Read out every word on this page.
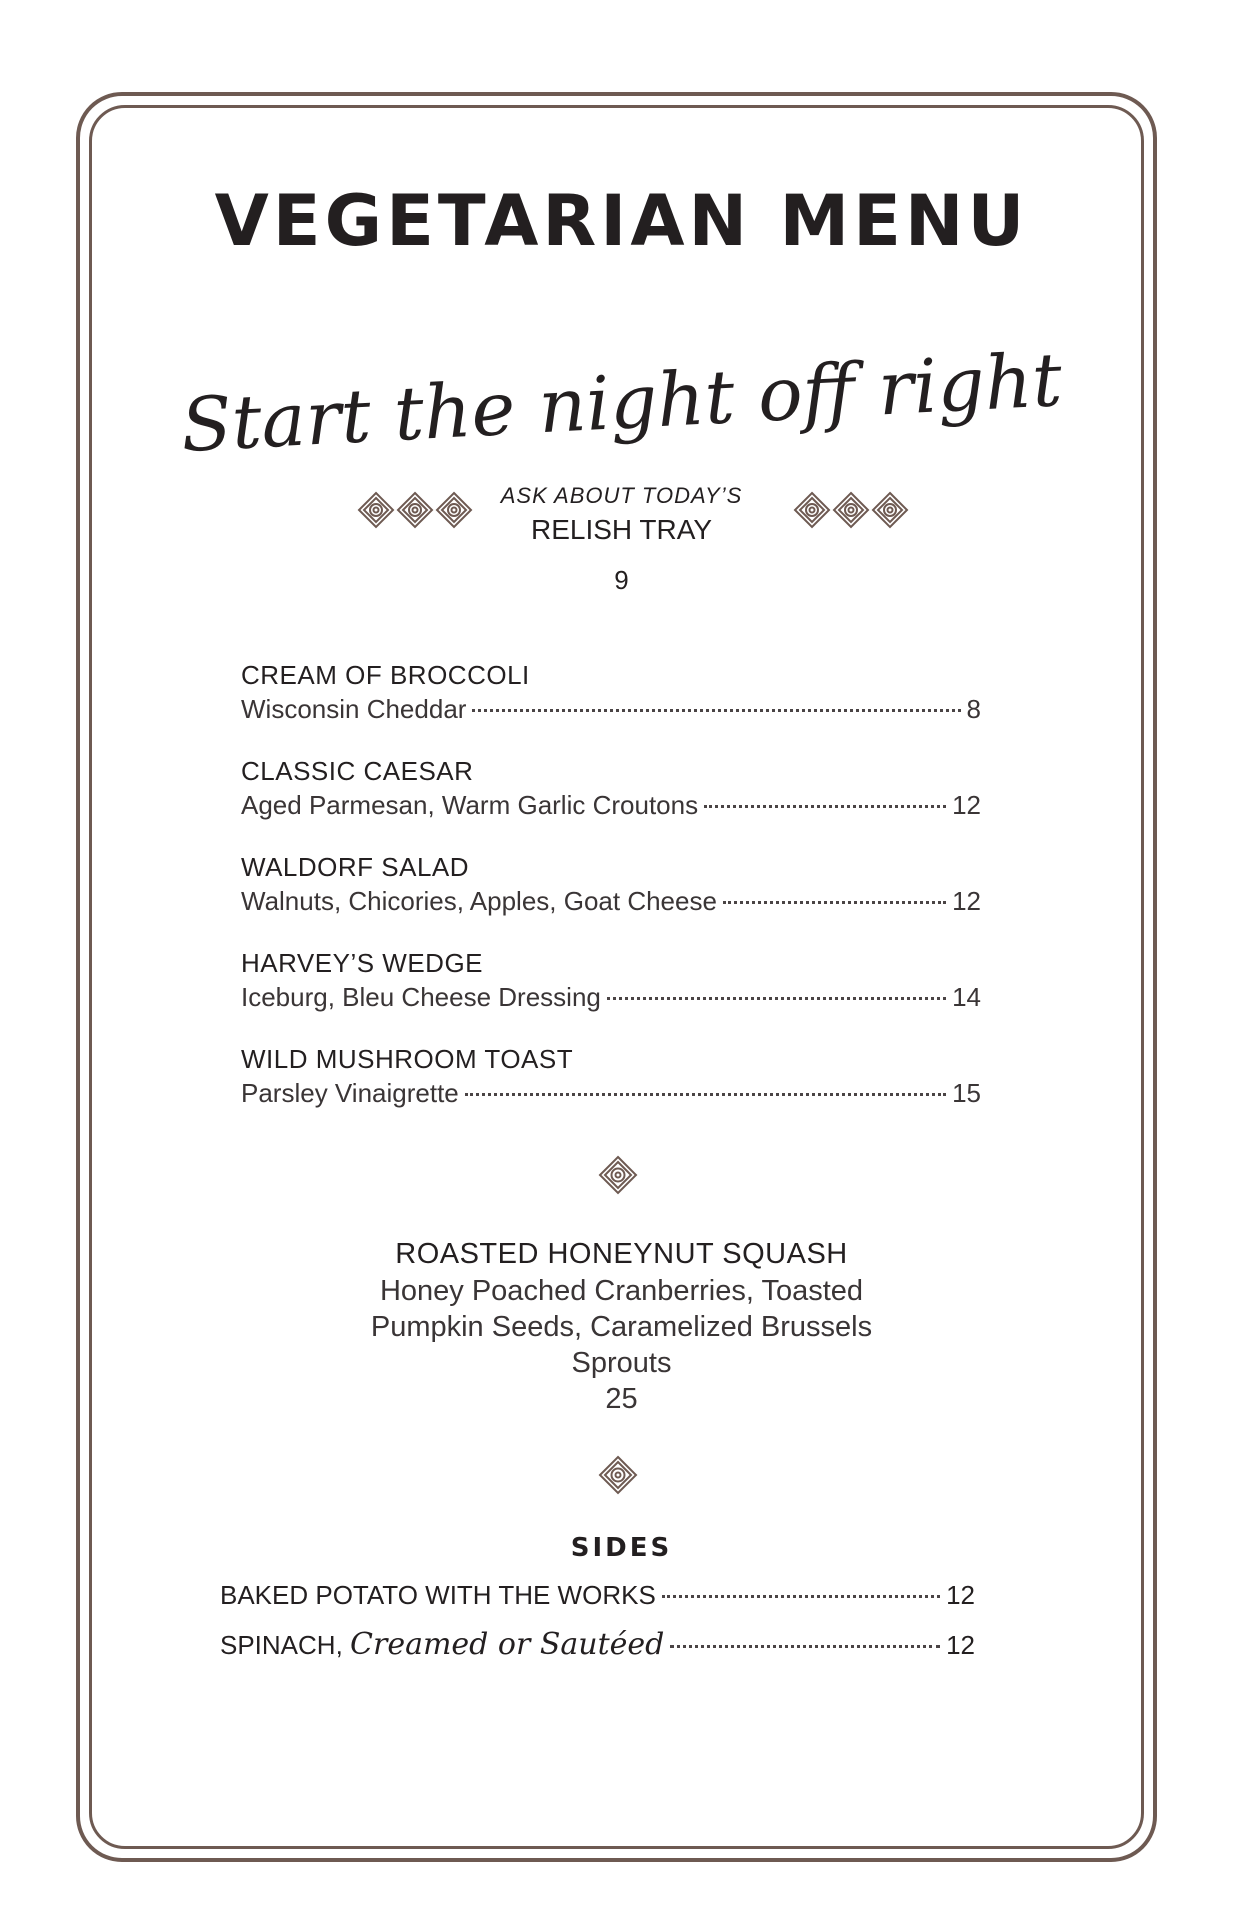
VEGETARIAN MENU
Start the night off right
ASK ABOUT TODAY’S
RELISH TRAY
9
CREAM OF BROCCOLI
Wisconsin Cheddar	8
CLASSIC CAESAR
Aged Parmesan, Warm Garlic Croutons	12
WALDORF SALAD
Walnuts, Chicories, Apples, Goat Cheese	12
HARVEY’S WEDGE
Iceburg, Bleu Cheese Dressing	14
WILD MUSHROOM TOAST
Parsley Vinaigrette	15
ROASTED HONEYNUT SQUASH
Honey Poached Cranberries, Toasted
Pumpkin Seeds, Caramelized Brussels
Sprouts
25
SIDES
BAKED POTATO WITH THE WORKS	12
SPINACH, Creamed or Sautéed	12
